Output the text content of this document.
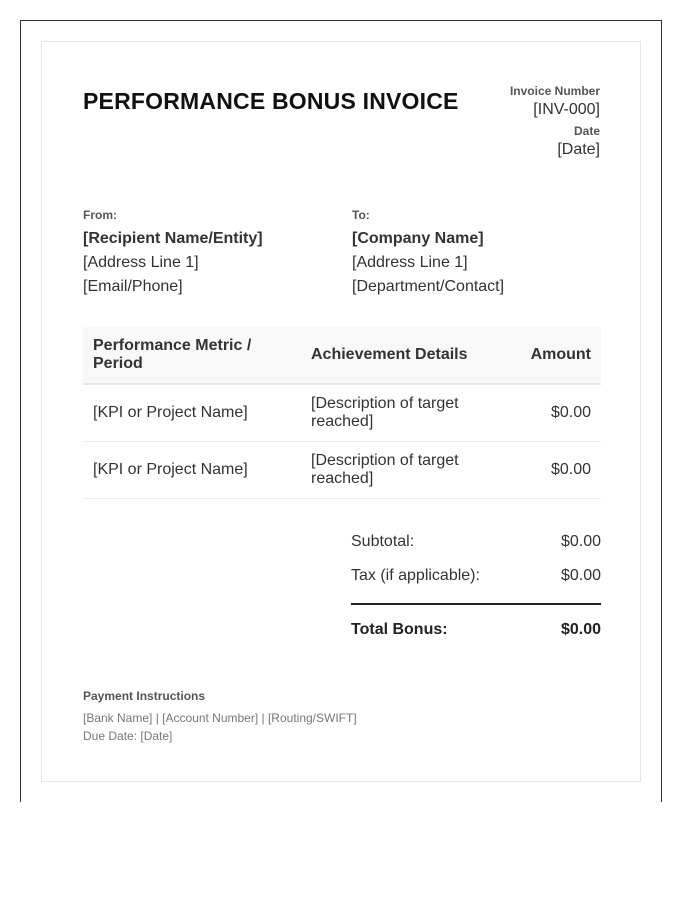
PERFORMANCE BONUS INVOICE	Invoice Number
[INV-000]
Date
[Date]
From:
[Recipient Name/Entity]
[Address Line 1]
[Email/Phone]
To:
[Company Name]
[Address Line 1]
[Department/Contact]
Performance Metric / Period	Achievement Details	Amount
[KPI or Project Name]	[Description of target reached]	$0.00
[KPI or Project Name]	[Description of target reached]	$0.00
Subtotal:	$0.00
Tax (if applicable):	$0.00
Total Bonus:	$0.00
Payment Instructions
[Bank Name] | [Account Number] | [Routing/SWIFT]
Due Date: [Date]
